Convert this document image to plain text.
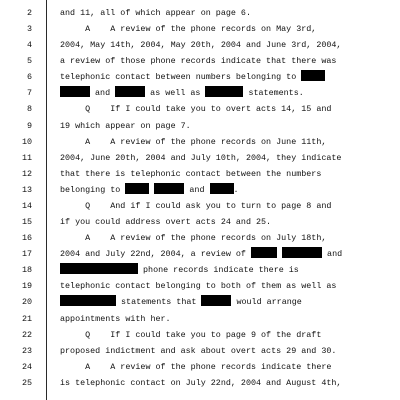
2	and 11, all of which appear on page 6.
3	A    A review of the phone records on May 3rd,
4	2004, May 14th, 2004, May 20th, 2004 and June 3rd, 2004,
5	a review of those phone records indicate that there was
6	telephonic contact between numbers belonging to
7	and	as well as	statements.
8	Q    If I could take you to overt acts 14, 15 and
9	19 which appear on page 7.
10	A    A review of the phone records on June 11th,
11	2004, June 20th, 2004 and July 10th, 2004, they indicate
12	that there is telephonic contact between the numbers
13	belonging to	and	.
14	Q    And if I could ask you to turn to page 8 and
15	if you could address overt acts 24 and 25.
16	A    A review of the phone records on July 18th,
17	2004 and July 22nd, 2004, a review of	and
18	phone records indicate there is
19	telephonic contact belonging to both of them as well as
20	statements that	would arrange
21	appointments with her.
22	Q    If I could take you to page 9 of the draft
23	proposed indictment and ask about overt acts 29 and 30.
24	A    A review of the phone records indicate there
25	is telephonic contact on July 22nd, 2004 and August 4th,
